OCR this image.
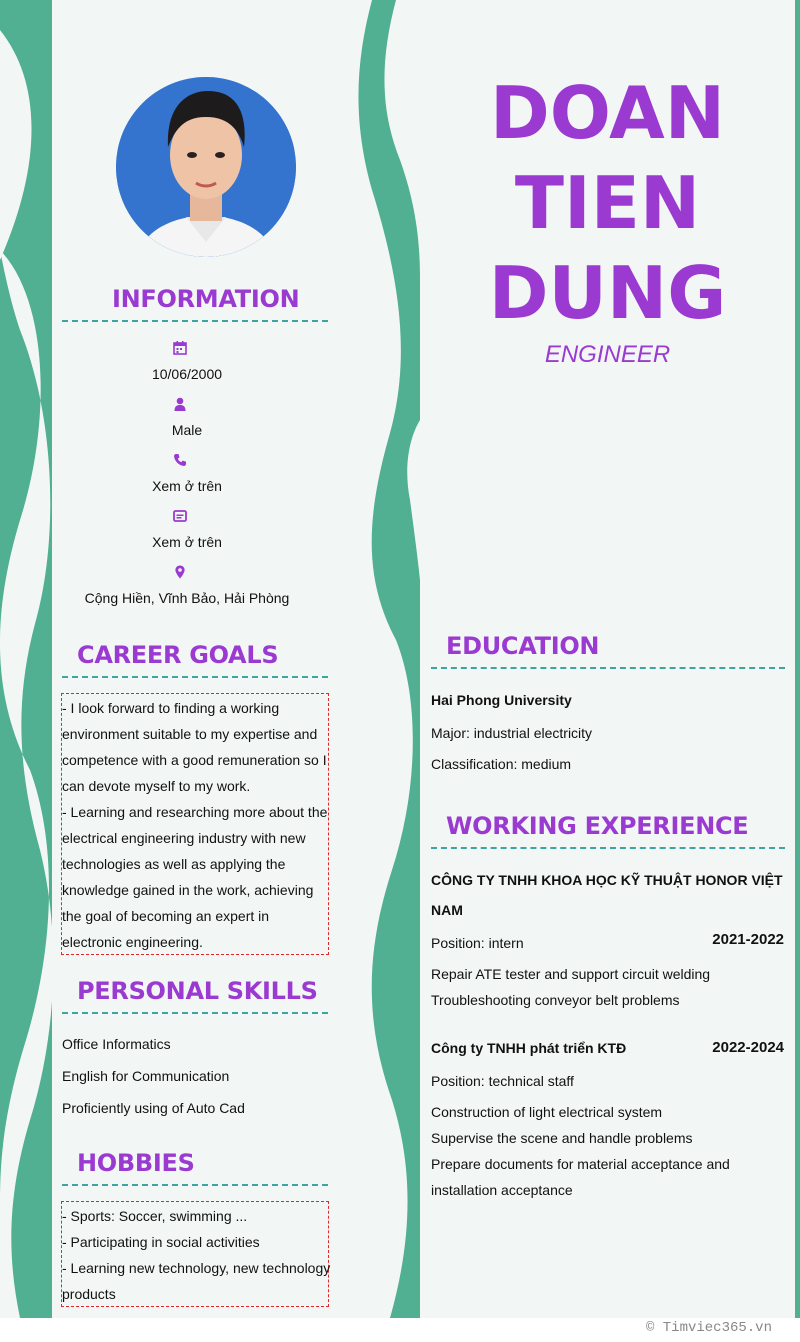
INFORMATION
10/06/2000
Male
Xem ở trên
Xem ở trên
Cộng Hiền, Vĩnh Bảo, Hải Phòng
CAREER GOALS

- I look forward to finding a working

environment suitable to my expertise and

competence with a good remuneration so I

can devote myself to my work.

- Learning and researching more about the

electrical engineering industry with new

technologies as well as applying the

knowledge gained in the work, achieving

the goal of becoming an expert in

electronic engineering.

PERSONAL SKILLS
Office Informatics
English for Communication
Proficiently using of Auto Cad
HOBBIES

- Sports: Soccer, swimming ...

- Participating in social activities

- Learning new technology, new technology

products

DOAN
TIEN
DUNG
ENGINEER
EDUCATION
Hai Phong University
Major: industrial electricity
Classification: medium
WORKING EXPERIENCE
CÔNG TY TNHH KHOA HỌC KỸ THUẬT HONOR VIỆT
NAM
Position: intern	2021-2022
Repair ATE tester and support circuit welding
Troubleshooting conveyor belt problems
Công ty TNHH phát triển KTĐ	2022-2024
Position: technical staff
Construction of light electrical system
Supervise the scene and handle problems
Prepare documents for material acceptance and
installation acceptance
© Timviec365.vn
